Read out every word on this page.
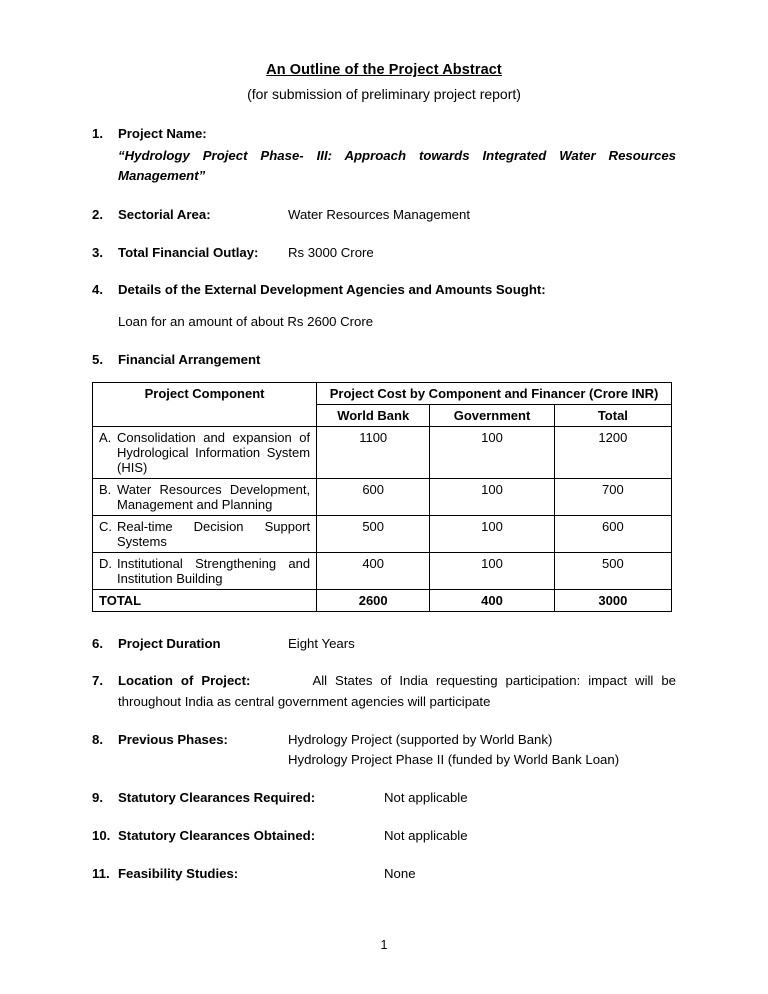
An Outline of the Project Abstract
(for submission of preliminary project report)
1.	Project Name:
“Hydrology Project Phase- III: Approach towards Integrated Water Resources Management”
2.	Sectorial Area:	Water Resources Management
3.	Total Financial Outlay:	Rs 3000 Crore
4.	Details of the External Development Agencies and Amounts Sought:
Loan for an amount of about Rs 2600 Crore
5.	Financial Arrangement
Project Component	Project Cost by Component and Financer (Crore INR)		
	World Bank	Government	Total

A. Consolidation and expansion of Hydrological Information System (HIS)	1100	100	1200

B. Water Resources Development, Management and Planning	600	100	700

C. Real-time Decision Support Systems	500	100	600

D. Institutional Strengthening and Institution Building	400	100	500
TOTAL	2600	400	3000
6.	Project Duration	Eight Years
7.	Location of Project:	All States of India requesting participation: impact will be throughout India as central government agencies will participate
8.	Previous Phases:	Hydrology Project (supported by World Bank)
Hydrology Project Phase II (funded by World Bank Loan)
9.	Statutory Clearances Required:	Not applicable
10. Statutory Clearances Obtained:	Not applicable
11. Feasibility Studies:	None
1
